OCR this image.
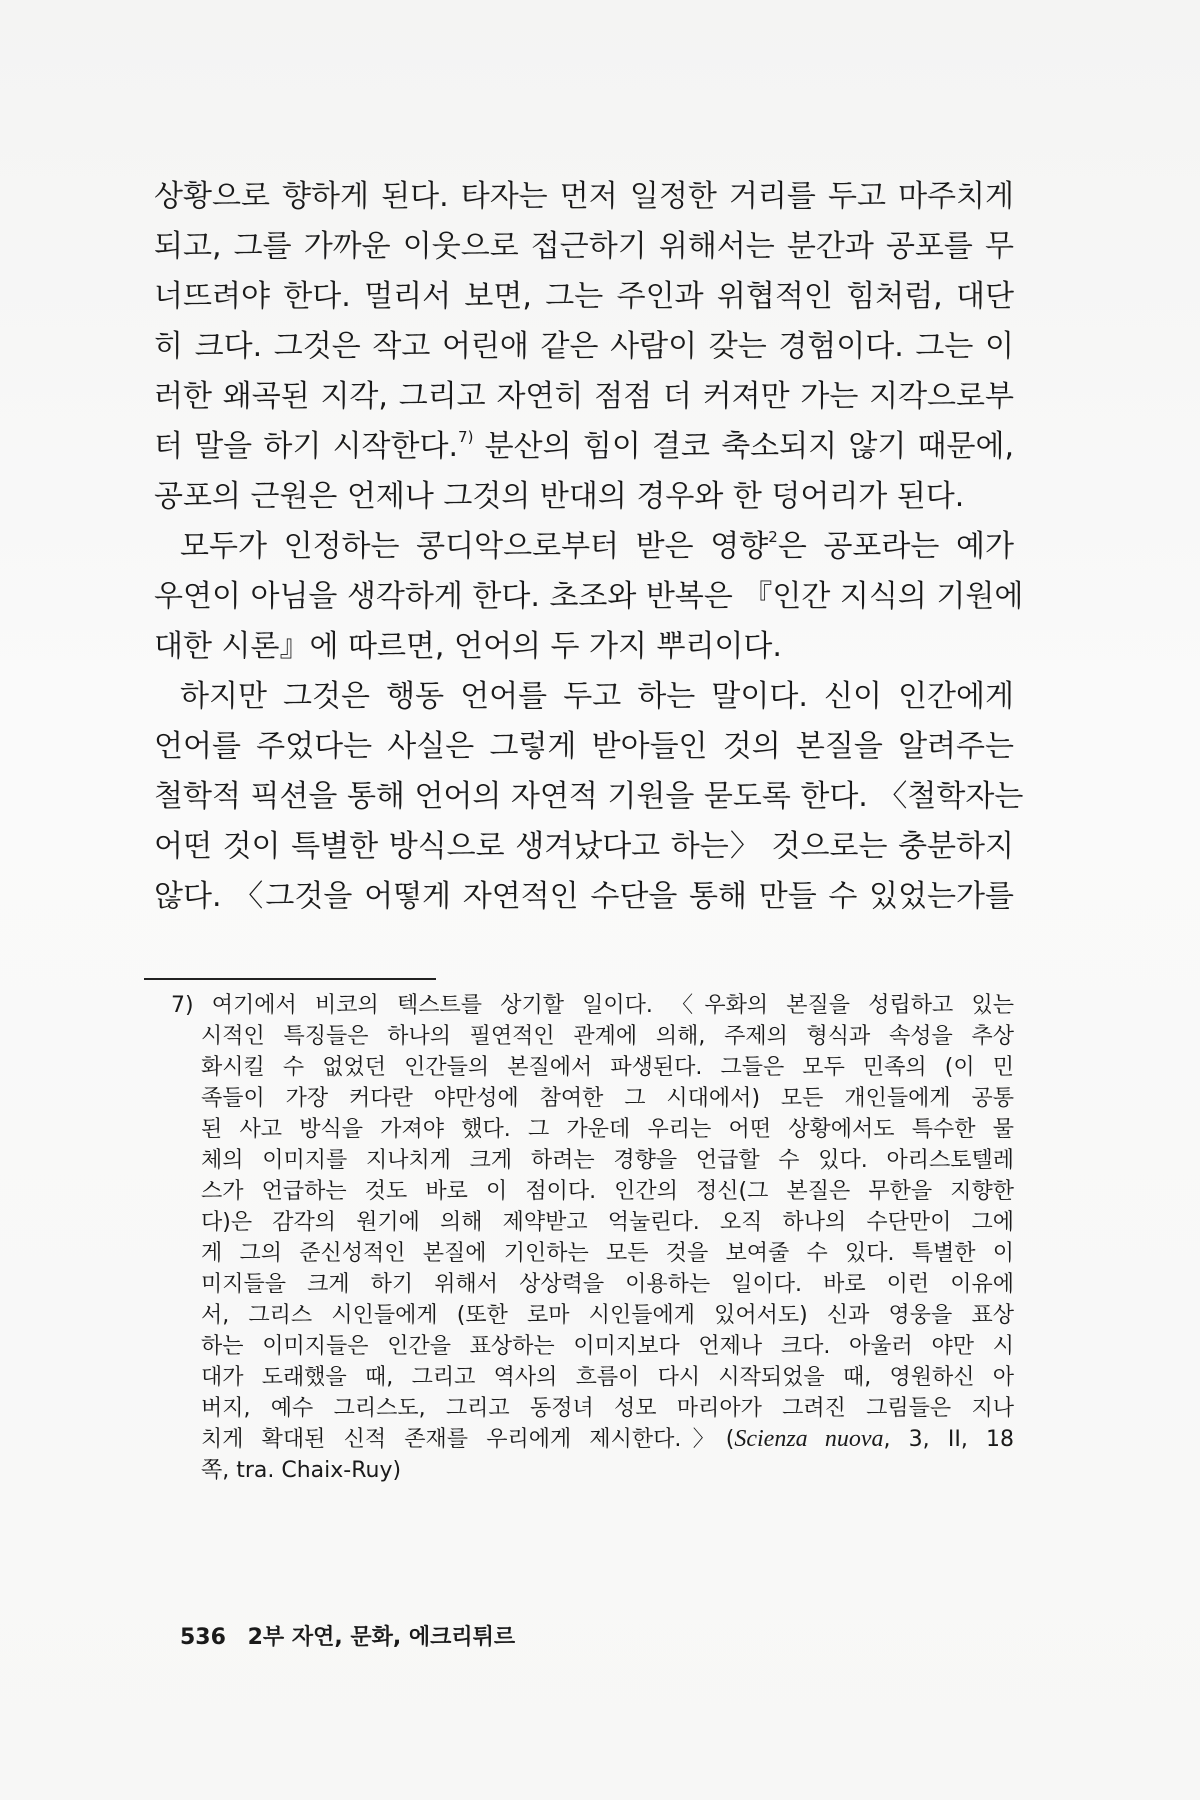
상황으로 향하게 된다. 타자는 먼저 일정한 거리를 두고 마주치게
되고, 그를 가까운 이웃으로 접근하기 위해서는 분간과 공포를 무
너뜨려야 한다. 멀리서 보면, 그는 주인과 위협적인 힘처럼, 대단
히 크다. 그것은 작고 어린애 같은 사람이 갖는 경험이다. 그는 이
러한 왜곡된 지각, 그리고 자연히 점점 더 커져만 가는 지각으로부
터 말을 하기 시작한다.$^{7)}$ 분산의 힘이 결코 축소되지 않기 때문에,
공포의 근원은 언제나 그것의 반대의 경우와 한 덩어리가 된다.
모두가 인정하는 콩디악으로부터 받은 영향$^2$은 공포라는 예가
우연이 아님을 생각하게 한다. 초조와 반복은 『인간 지식의 기원에
대한 시론』에 따르면, 언어의 두 가지 뿌리이다.
하지만 그것은 행동 언어를 두고 하는 말이다. 신이 인간에게
언어를 주었다는 사실은 그렇게 받아들인 것의 본질을 알려주는
철학적 픽션을 통해 언어의 자연적 기원을 묻도록 한다. 〈철학자는
어떤 것이 특별한 방식으로 생겨났다고 하는〉 것으로는 충분하지
않다. 〈그것을 어떻게 자연적인 수단을 통해 만들 수 있었는가를
7) 여기에서 비코의 텍스트를 상기할 일이다. 〈우화의 본질을 성립하고 있는
시적인 특징들은 하나의 필연적인 관계에 의해, 주제의 형식과 속성을 추상
화시킬 수 없었던 인간들의 본질에서 파생된다. 그들은 모두 민족의 (이 민
족들이 가장 커다란 야만성에 참여한 그 시대에서) 모든 개인들에게 공통
된 사고 방식을 가져야 했다. 그 가운데 우리는 어떤 상황에서도 특수한 물
체의 이미지를 지나치게 크게 하려는 경향을 언급할 수 있다. 아리스토텔레
스가 언급하는 것도 바로 이 점이다. 인간의 정신(그 본질은 무한을 지향한
다)은 감각의 원기에 의해 제약받고 억눌린다. 오직 하나의 수단만이 그에
게 그의 준신성적인 본질에 기인하는 모든 것을 보여줄 수 있다. 특별한 이
미지들을 크게 하기 위해서 상상력을 이용하는 일이다. 바로 이런 이유에
서, 그리스 시인들에게 (또한 로마 시인들에게 있어서도) 신과 영웅을 표상
하는 이미지들은 인간을 표상하는 이미지보다 언제나 크다. 아울러 야만 시
대가 도래했을 때, 그리고 역사의 흐름이 다시 시작되었을 때, 영원하신 아
버지, 예수 그리스도, 그리고 동정녀 성모 마리아가 그려진 그림들은 지나
치게 확대된 신적 존재를 우리에게 제시한다.〉(Scienza nuova, 3, II, 18
쪽, tra. Chaix-Ruy)
536 2부 자연, 문화, 에크리튀르
